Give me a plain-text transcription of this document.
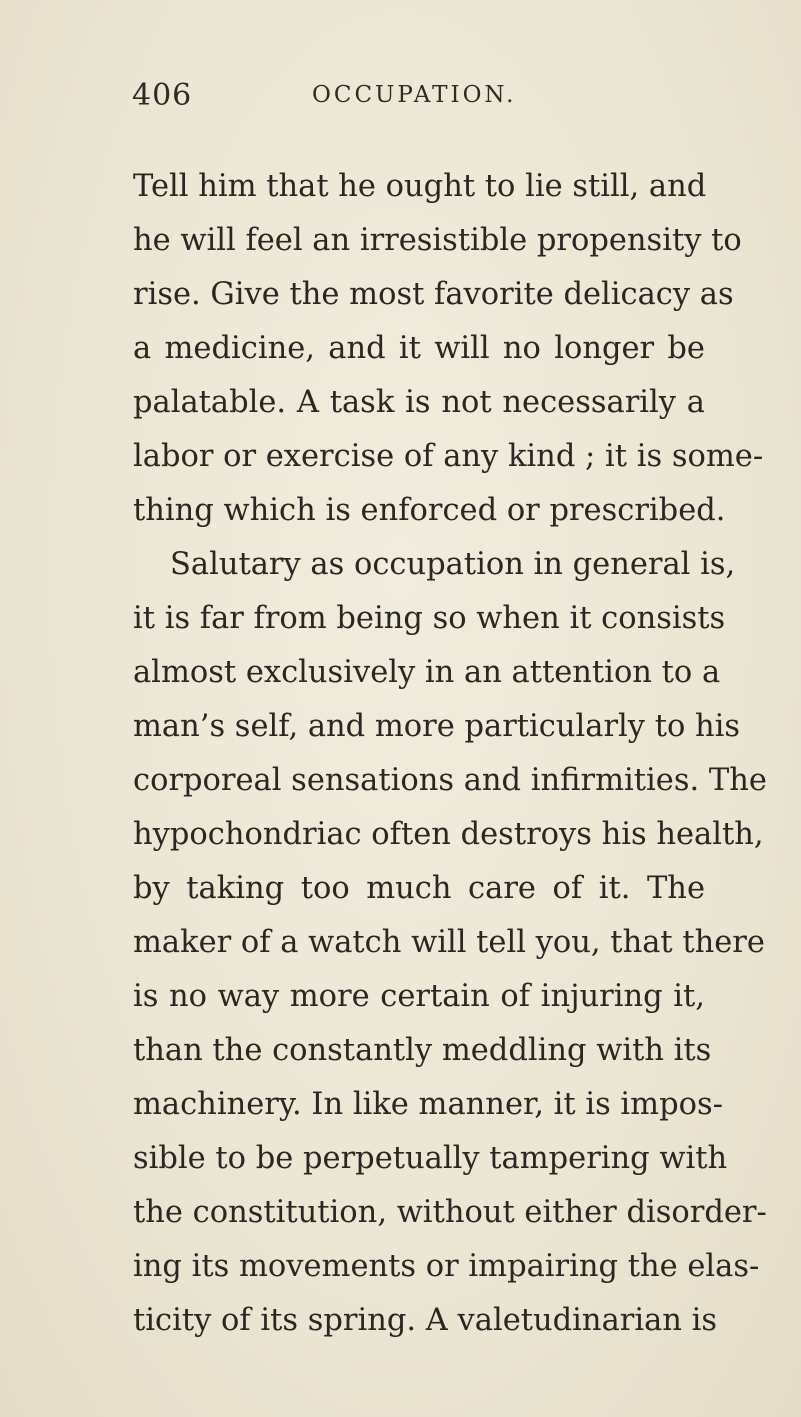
406	OCCUPATION.
Tell him that he ought to lie still, and
he will feel an irresistible propensity to
rise. Give the most favorite delicacy as
a medicine, and it will no longer be
palatable. A task is not necessarily a
labor or exercise of any kind ; it is some-
thing which is enforced or prescribed.
Salutary as occupation in general is,
it is far from being so when it consists
almost exclusively in an attention to a
man’s self, and more particularly to his
corporeal sensations and infirmities. The
hypochondriac often destroys his health,
by taking too much care of it. The
maker of a watch will tell you, that there
is no way more certain of injuring it,
than the constantly meddling with its
machinery. In like manner, it is impos-
sible to be perpetually tampering with
the constitution, without either disorder-
ing its movements or impairing the elas-
ticity of its spring. A valetudinarian is
